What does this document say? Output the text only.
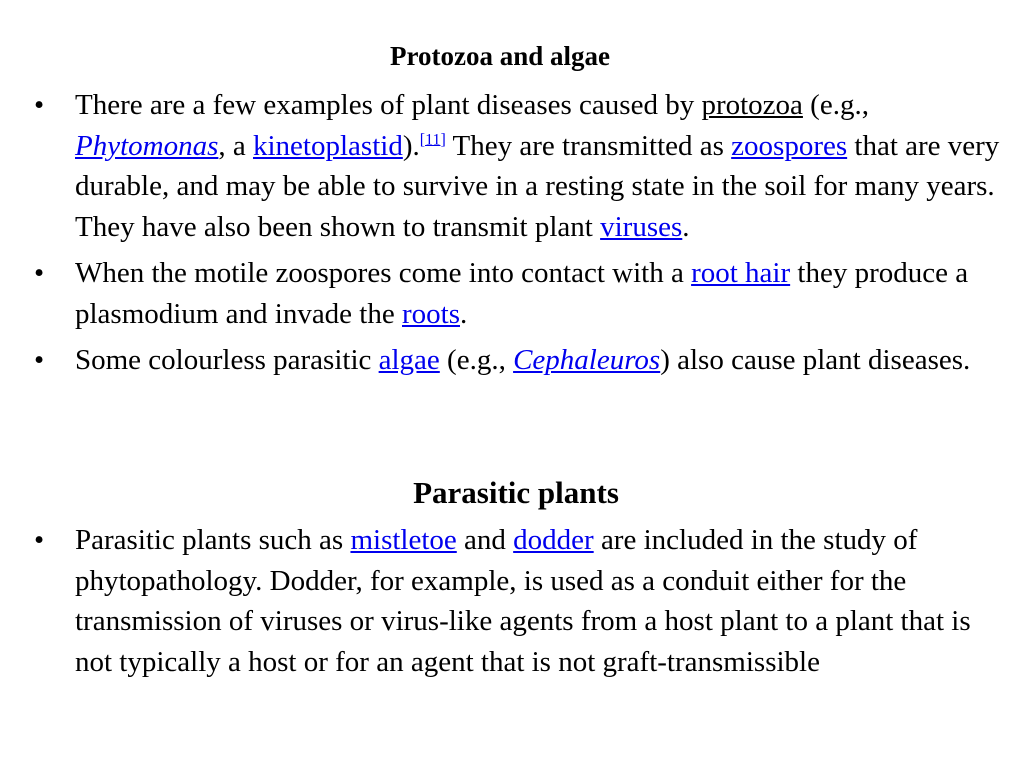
Protozoa and algae
• There are a few examples of plant diseases caused by protozoa (e.g., Phytomonas, a kinetoplastid).[11] They are transmitted as zoospores that are very durable, and may be able to survive in a resting state in the soil for many years. They have also been shown to transmit plant viruses.
• When the motile zoospores come into contact with a root hair they produce a plasmodium and invade the roots.
• Some colourless parasitic algae (e.g., Cephaleuros) also cause plant diseases.
Parasitic plants
• Parasitic plants such as mistletoe and dodder are included in the study of phytopathology. Dodder, for example, is used as a conduit either for the transmission of viruses or virus-like agents from a host plant to a plant that is not typically a host or for an agent that is not graft-transmissible
